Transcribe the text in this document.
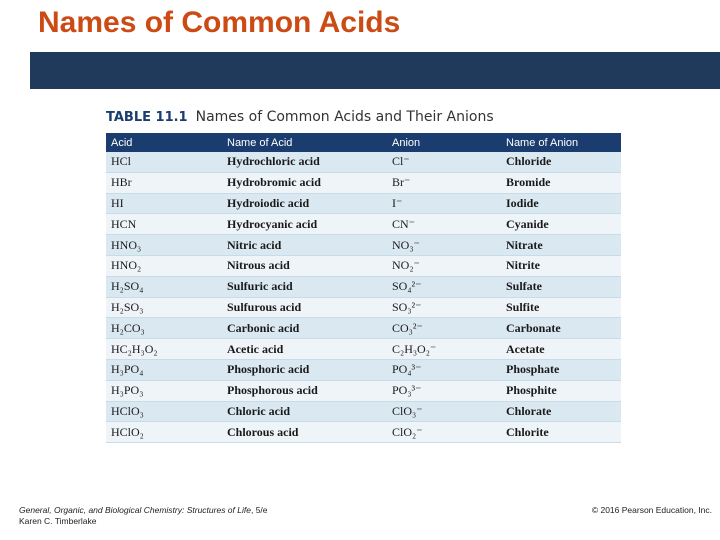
Names of Common Acids
TABLE 11.1 Names of Common Acids and Their Anions
Acid	Name of Acid	Anion	Name of Anion
HCl	Hydrochloric acid	Cl⁻	Chloride
HBr	Hydrobromic acid	Br⁻	Bromide
HI	Hydroiodic acid	I⁻	Iodide
HCN	Hydrocyanic acid	CN⁻	Cyanide
HNO₃	Nitric acid	NO₃⁻	Nitrate
HNO₂	Nitrous acid	NO₂⁻	Nitrite
H₂SO₄	Sulfuric acid	SO₄²⁻	Sulfate
H₂SO₃	Sulfurous acid	SO₃²⁻	Sulfite
H₂CO₃	Carbonic acid	CO₃²⁻	Carbonate
HC₂H₃O₂	Acetic acid	C₂H₃O₂⁻	Acetate
H₃PO₄	Phosphoric acid	PO₄³⁻	Phosphate
H₃PO₃	Phosphorous acid	PO₃³⁻	Phosphite
HClO₃	Chloric acid	ClO₃⁻	Chlorate
HClO₂	Chlorous acid	ClO₂⁻	Chlorite
General, Organic, and Biological Chemistry: Structures of Life, 5/e
Karen C. Timberlake
© 2016 Pearson Education, Inc.
